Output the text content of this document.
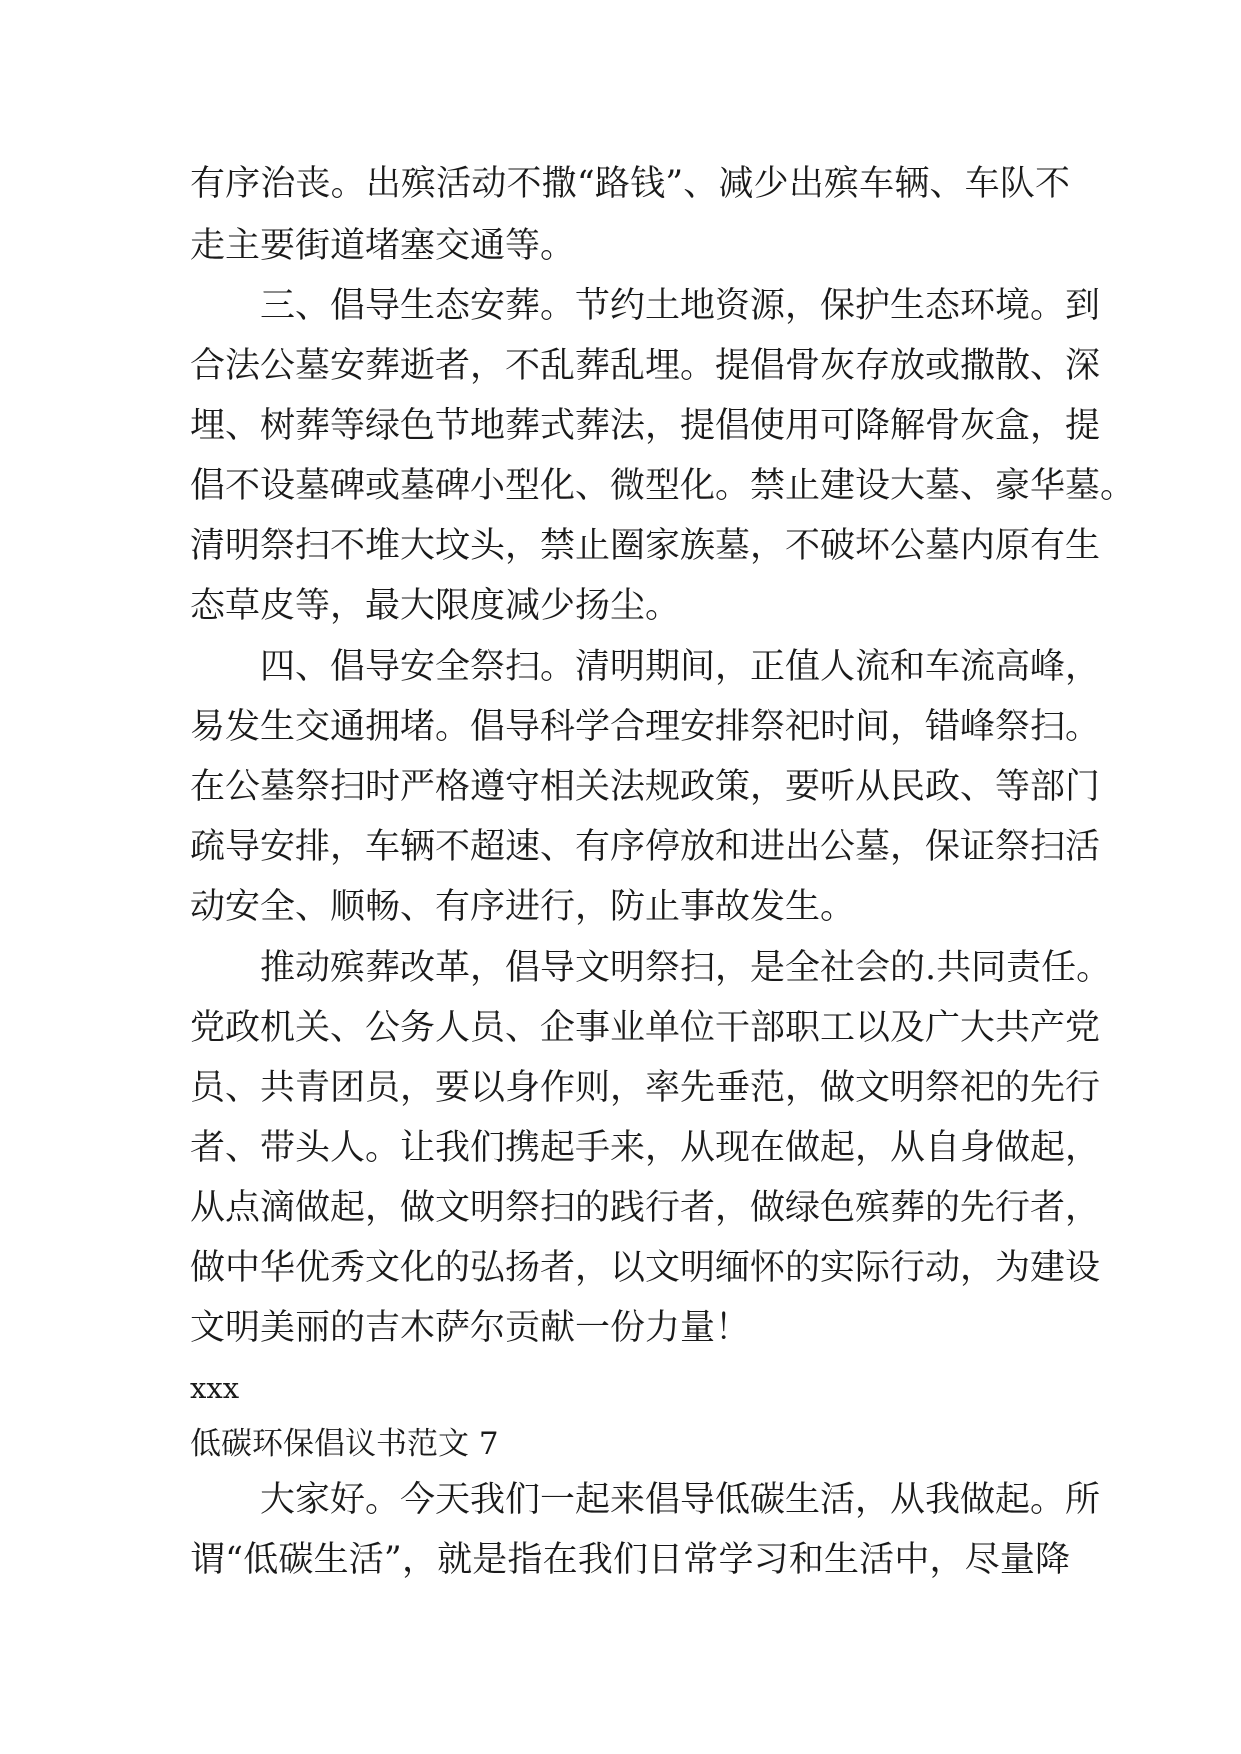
有序治丧。出殡活动不撒“路钱”、减少出殡车辆、车队不
走主要街道堵塞交通等。
三、倡导生态安葬。节约土地资源，保护生态环境。到
合法公墓安葬逝者，不乱葬乱埋。提倡骨灰存放或撒散、深
埋、树葬等绿色节地葬式葬法，提倡使用可降解骨灰盒，提
倡不设墓碑或墓碑小型化、微型化。禁止建设大墓、豪华墓。
清明祭扫不堆大坟头，禁止圈家族墓，不破坏公墓内原有生
态草皮等，最大限度减少扬尘。
四、倡导安全祭扫。清明期间，正值人流和车流高峰，
易发生交通拥堵。倡导科学合理安排祭祀时间，错峰祭扫。
在公墓祭扫时严格遵守相关法规政策，要听从民政、等部门
疏导安排，车辆不超速、有序停放和进出公墓，保证祭扫活
动安全、顺畅、有序进行，防止事故发生。
推动殡葬改革，倡导文明祭扫，是全社会的.共同责任。
党政机关、公务人员、企事业单位干部职工以及广大共产党
员、共青团员，要以身作则，率先垂范，做文明祭祀的先行
者、带头人。让我们携起手来，从现在做起，从自身做起，
从点滴做起，做文明祭扫的践行者，做绿色殡葬的先行者，
做中华优秀文化的弘扬者，以文明缅怀的实际行动，为建设
文明美丽的吉木萨尔贡献一份力量！
xxx
低碳环保倡议书范文 7
大家好。今天我们一起来倡导低碳生活，从我做起。所
谓“低碳生活”，就是指在我们日常学习和生活中，尽量降
